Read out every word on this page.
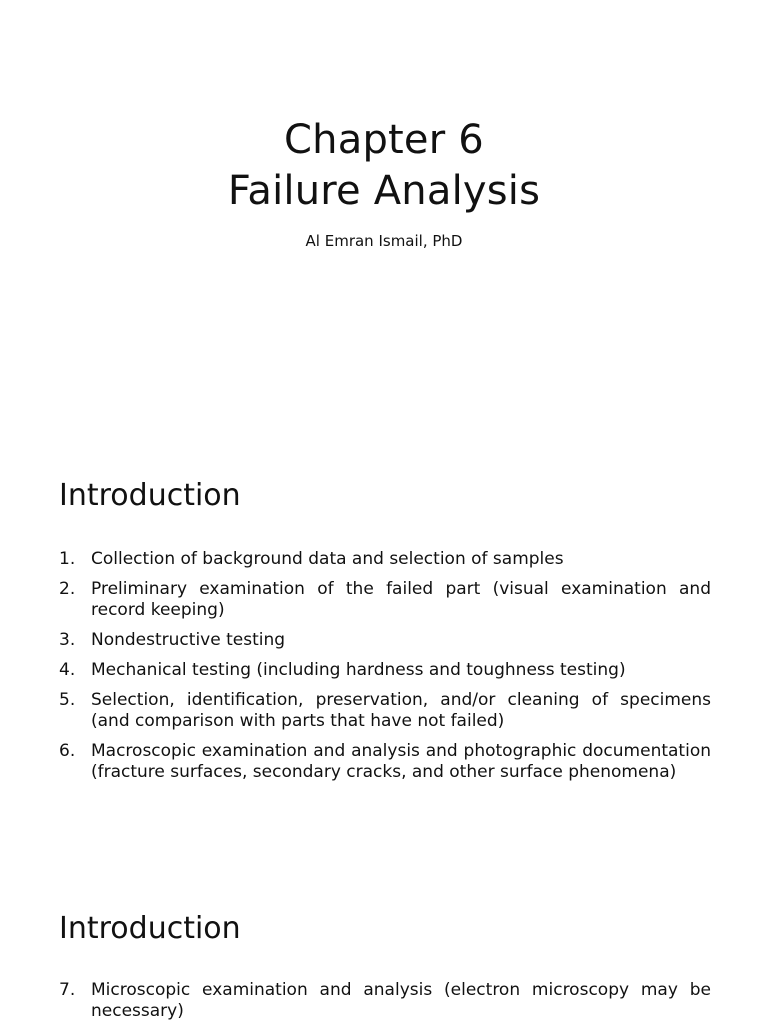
Chapter 6
Failure Analysis
Al Emran Ismail, PhD
Introduction
1. Collection of background data and selection of samples
2. Preliminary examination of the failed part (visual examination and record keeping)
3. Nondestructive testing
4. Mechanical testing (including hardness and toughness testing)
5. Selection, identification, preservation, and/or cleaning of specimens (and comparison with parts that have not failed)
6. Macroscopic examination and analysis and photographic documentation (fracture surfaces, secondary cracks, and other surface phenomena)
Introduction
7. Microscopic examination and analysis (electron microscopy may be necessary)
